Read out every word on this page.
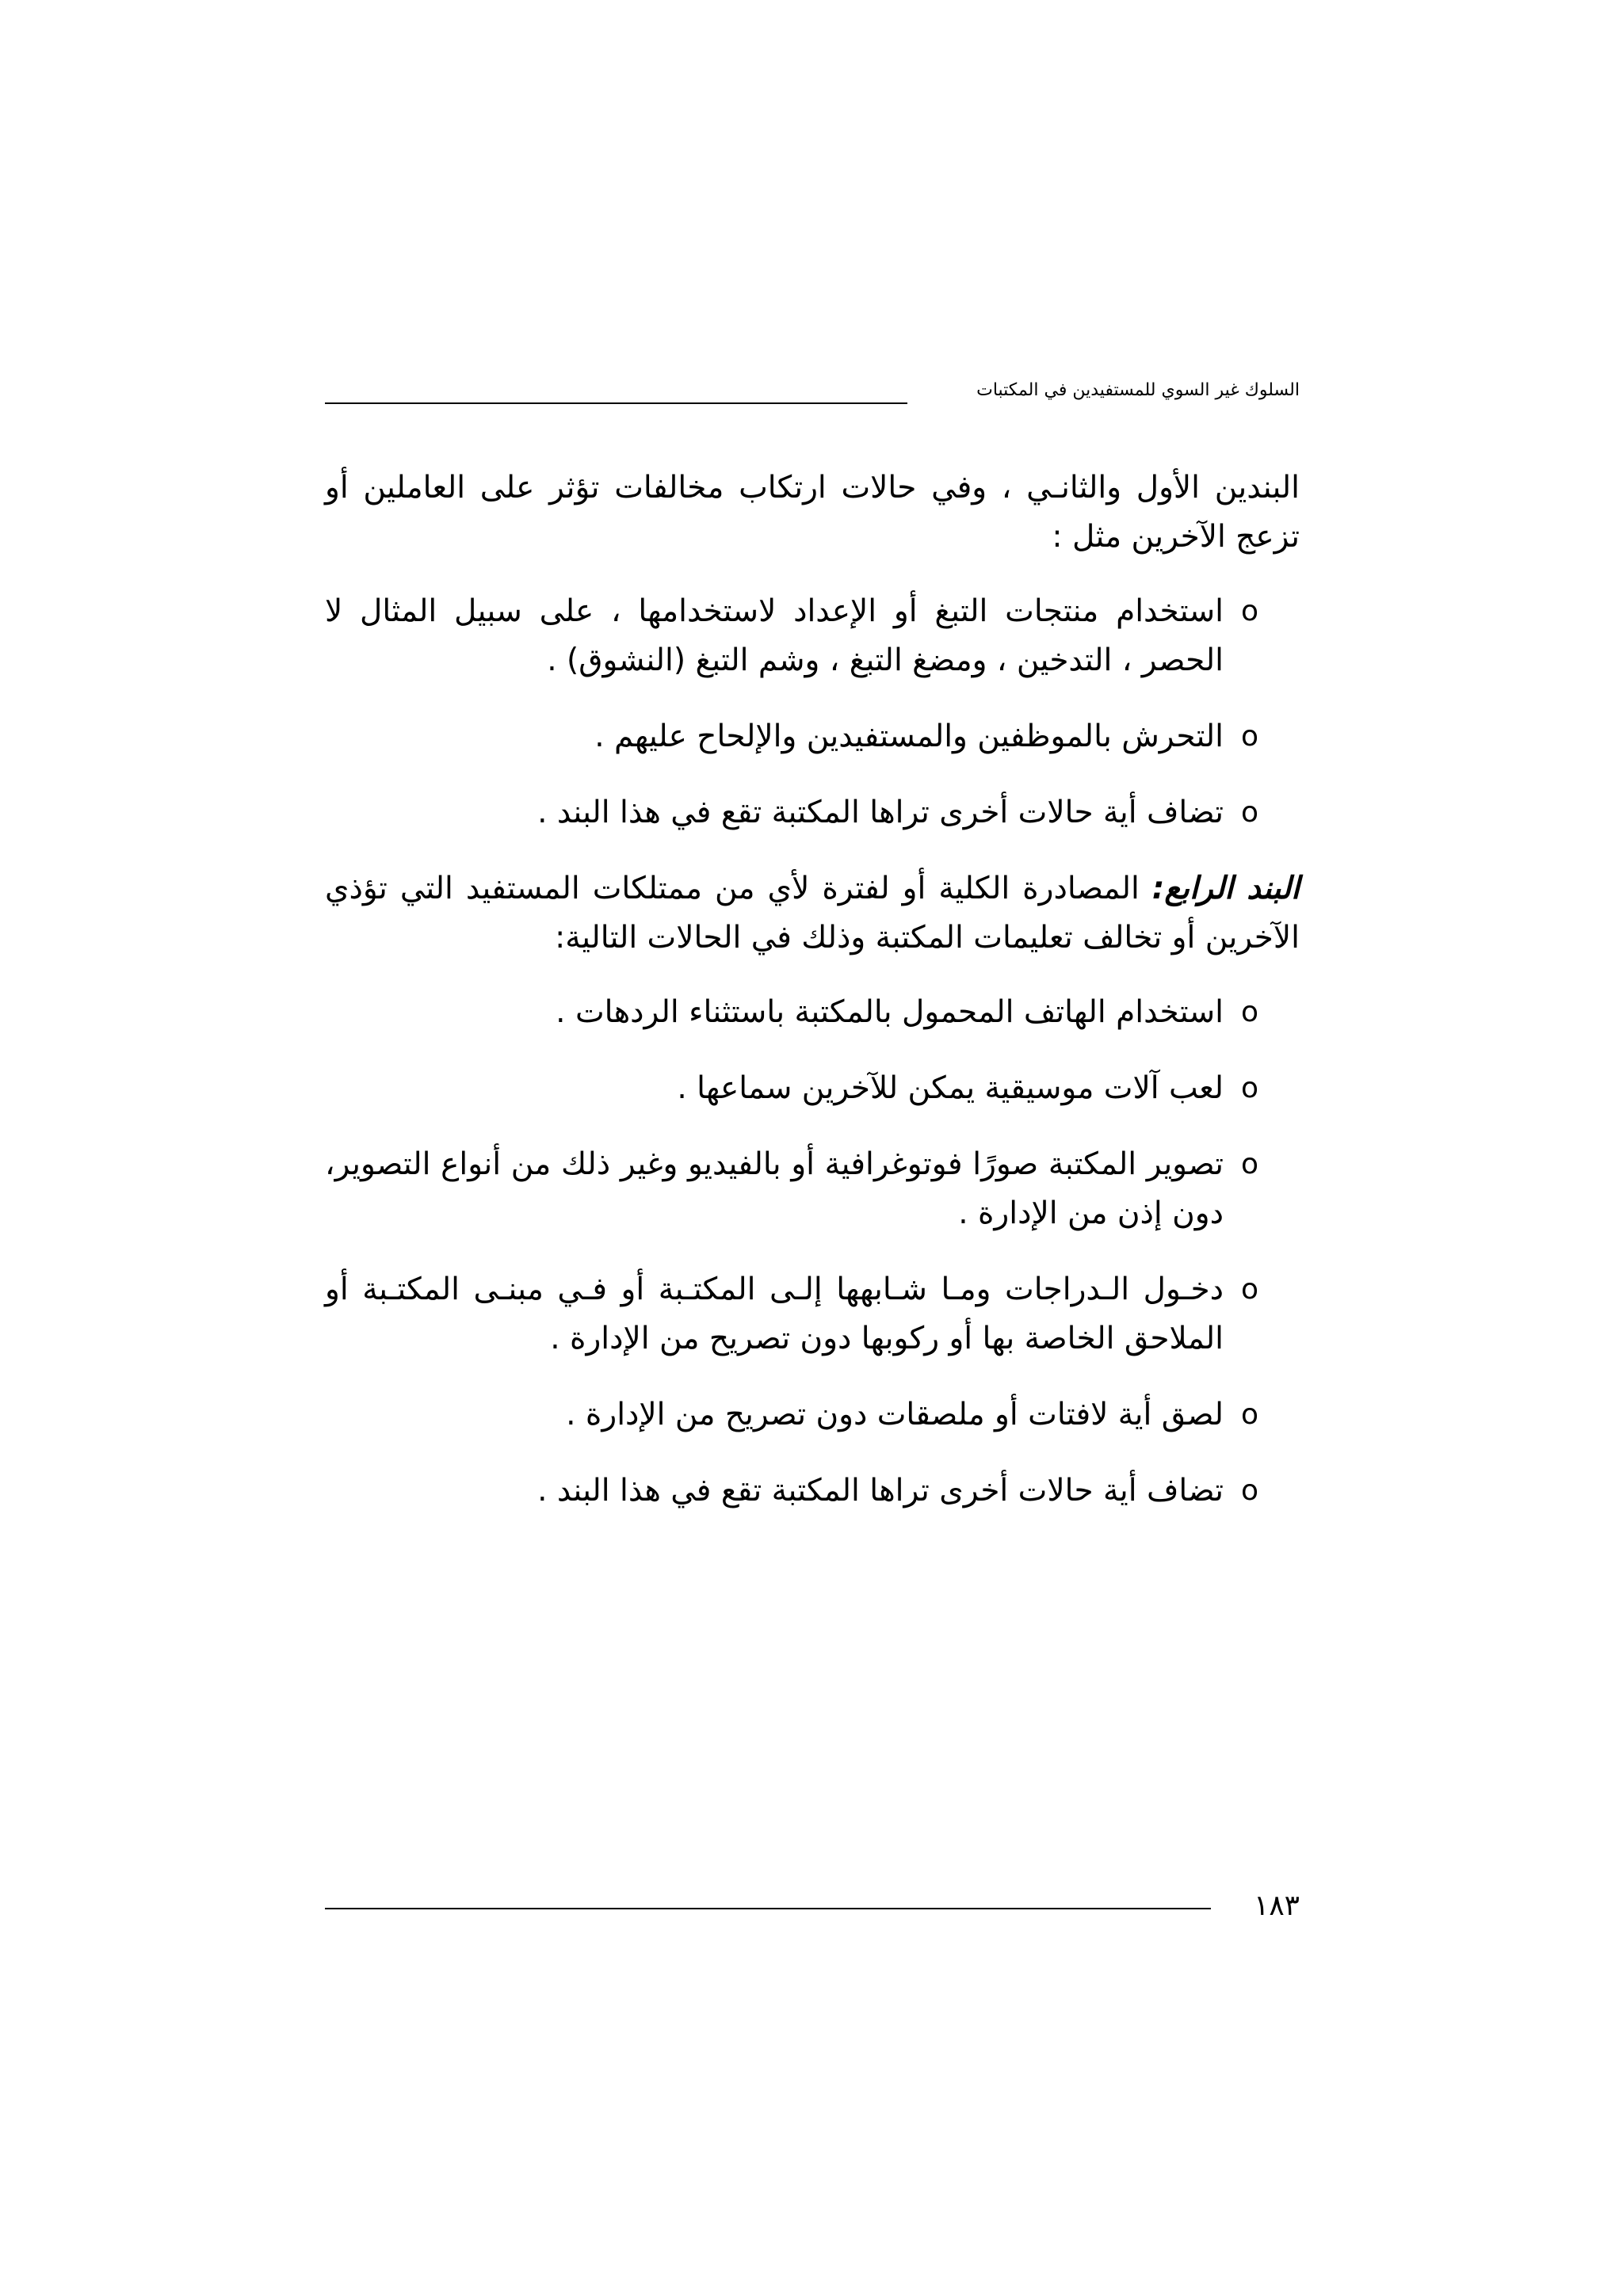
السلوك غير السوي للمستفيدين في المكتبات

البندين الأول والثانـي ، وفي حالات ارتكاب مخالفات تؤثر على العاملين أو تزعج الآخرين مثل :

o
استخدام منتجات التبغ أو الإعداد لاستخدامها ، على سبيل المثال لا الحصر ، التدخين ، ومضغ التبغ ، وشم التبغ (النشوق) .
o
التحرش بالموظفين والمستفيدين والإلحاح عليهم .
o
تضاف أية حالات أخرى تراها المكتبة تقع في هذا البند .

البند الرابع: المصادرة الكلية أو لفترة لأي من ممتلكات المستفيد التي تؤذي الآخرين أو تخالف تعليمات المكتبة وذلك في الحالات التالية:

o
استخدام الهاتف المحمول بالمكتبة باستثناء الردهات .
o
لعب آلات موسيقية يمكن للآخرين سماعها .
o
تصوير المكتبة صورًا فوتوغرافية أو بالفيديو وغير ذلك من أنواع التصوير، دون إذن من الإدارة .
o
دخـول الـدراجات ومـا شـابهها إلـى المكتـبة أو فـي مبنـى المكتـبة أو الملاحق الخاصة بها أو ركوبها دون تصريح من الإدارة .
o
لصق أية لافتات أو ملصقات دون تصريح من الإدارة .
o
تضاف أية حالات أخرى تراها المكتبة تقع في هذا البند .
١٨٣
